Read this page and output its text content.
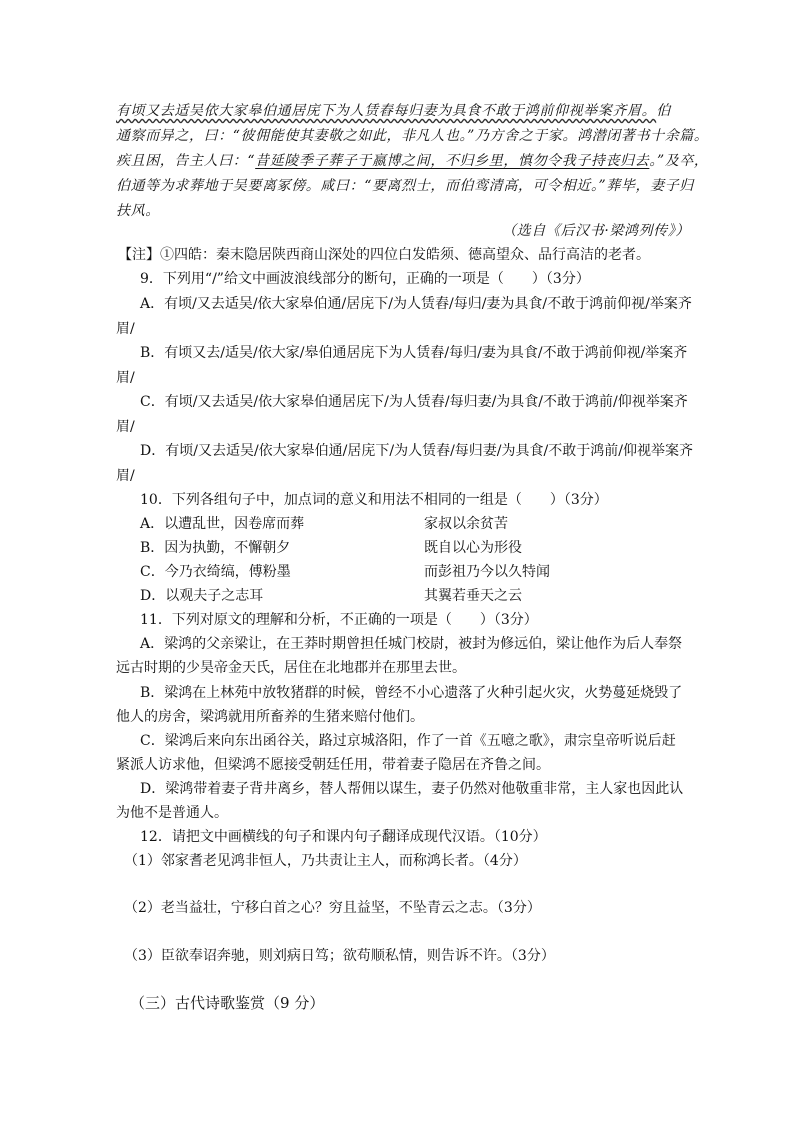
有顷又去适吴依大家皋伯通居庑下为人赁舂每归妻为具食不敢于鸿前仰视举案齐眉。伯
通察而异之，曰：“彼佣能使其妻敬之如此，非凡人也。”乃方舍之于家。鸿潜闭著书十余篇。
疾且困，告主人曰：“昔延陵季子葬子于嬴博之间，不归乡里，慎勿令我子持丧归去。”及卒，
伯通等为求葬地于吴要离冢傍。咸曰：“要离烈士，而伯鸾清高，可令相近。”葬毕，妻子归
扶风。
（选自《后汉书·梁鸿列传》）
【注】①四皓：秦末隐居陕西商山深处的四位白发皓须、德高望众、品行高洁的老者。
9．下列用“/”给文中画波浪线部分的断句，正确的一项是（　　）（3分）
A．有顷/又去适吴/依大家皋伯通/居庑下/为人赁舂/每归/妻为具食/不敢于鸿前仰视/举案齐
眉/
B．有顷又去/适吴/依大家/皋伯通居庑下为人赁舂/每归/妻为具食/不敢于鸿前仰视/举案齐
眉/
C．有顷/又去适吴/依大家皋伯通居庑下/为人赁舂/每归妻/为具食/不敢于鸿前/仰视举案齐
眉/
D．有顷/又去适吴/依大家皋伯通/居庑下/为人赁舂/每归妻/为具食/不敢于鸿前/仰视举案齐
眉/
10．下列各组句子中，加点词的意义和用法不相同的一组是（　　）（3分）
A．以遭乱世，因卷席而葬	家叔以余贫苦
B．因为执勤，不懈朝夕	既自以心为形役
C．今乃衣绮缟，傅粉墨	而彭祖乃今以久特闻
D．以观夫子之志耳	其翼若垂天之云
11．下列对原文的理解和分析，不正确的一项是（　　）（3分）
A．梁鸿的父亲梁让，在王莽时期曾担任城门校尉，被封为修远伯，梁让他作为后人奉祭
远古时期的少昊帝金天氏，居住在北地郡并在那里去世。
B．梁鸿在上林苑中放牧猪群的时候，曾经不小心遗落了火种引起火灾，火势蔓延烧毁了
他人的房舍，梁鸿就用所畜养的生猪来赔付他们。
C．梁鸿后来向东出函谷关，路过京城洛阳，作了一首《五噫之歌》，肃宗皇帝听说后赶
紧派人访求他，但梁鸿不愿接受朝廷任用，带着妻子隐居在齐鲁之间。
D．梁鸿带着妻子背井离乡，替人帮佣以谋生，妻子仍然对他敬重非常，主人家也因此认
为他不是普通人。
12．请把文中画横线的句子和课内句子翻译成现代汉语。（10分）
（1）邻家耆老见鸿非恒人，乃共责让主人，而称鸿长者。（4分）
（2）老当益壮，宁移白首之心？穷且益坚，不坠青云之志。（3分）
（3）臣欲奉诏奔驰，则刘病日笃；欲苟顺私情，则告诉不许。（3分）
（三）古代诗歌鉴赏（9 分）
